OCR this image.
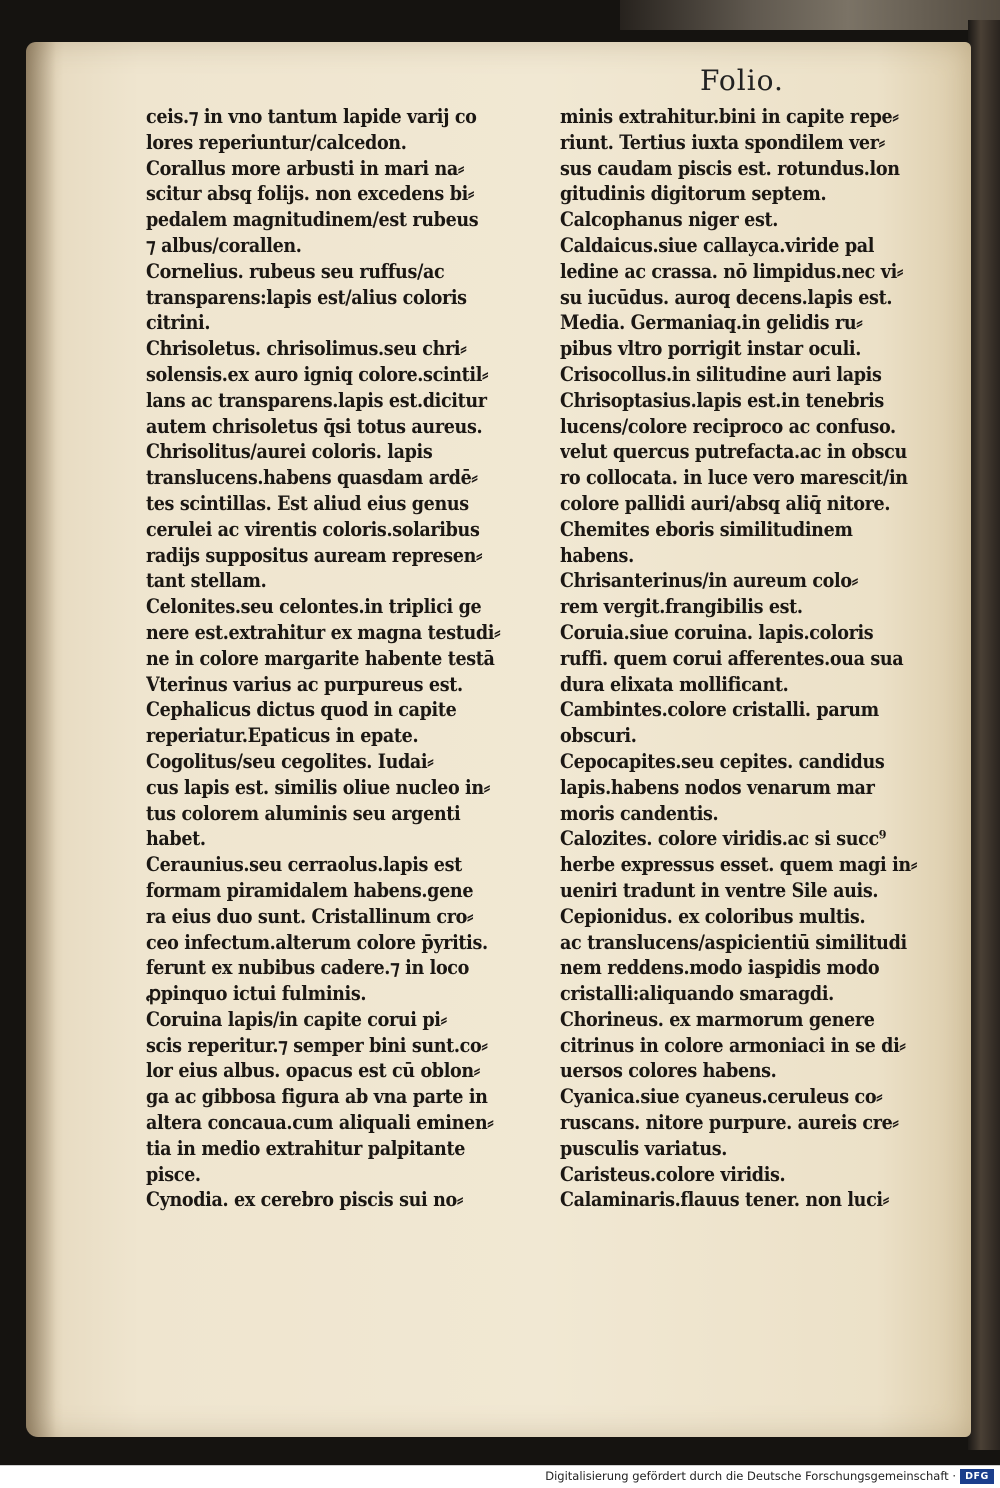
Folio.
ceis.⁊ in vno tantum lapide varij co
lores reperiuntur/calcedon.
Corallus more arbusti in mari na⸗
scitur absq̧ folijs. non excedens bi⸗
pedalem magnitudinem/est rubeus
⁊ albus/corallen.
Cornelius. rubeus seu ruffus/ac
transparens:lapis est/alius coloris
citrini.
Chrisoletus. chrisolimus.seu chri⸗
solensis.ex auro igniq̧ colore.scintil⸗
lans ac transparens.lapis est.dicitur
autem chrisoletus q̄si totus aureus.
Chrisolitus/aurei coloris. lapis
translucens.habens quasdam ardē⸗
tes scintillas. Est aliud eius genus
cerulei ac virentis coloris.solaribus
radijs suppositus auream represen⸗
tant stellam.
Celonites.seu celontes.in triplici ge
nere est.extrahitur ex magna testudi⸗
ne in colore margarite habente testā
Vterinus varius ac purpureus est.
Cephalicus dictus quod in capite
reperiatur.Epaticus in epate.
Cogolitus/seu cegolites. Iudai⸗
cus lapis est. similis oliue nucleo in⸗
tus colorem aluminis seu argenti
habet.
Ceraunius.seu cerraolus.lapis est
formam piramidalem habens.gene
ra eius duo sunt. Cristallinum cro⸗
ceo infectum.alterum colore p̄yritis.
ferunt ex nubibus cadere.⁊ in loco
ꝓpinquo ictui fulminis.
Coruina lapis/in capite corui pi⸗
scis reperitur.⁊ semper bini sunt.co⸗
lor eius albus. opacus est cū oblon⸗
ga ac gibbosa figura ab vna parte in
altera concaua.cum aliquali eminen⸗
tia in medio extrahitur palpitante
pisce.
Cynodia. ex cerebro piscis sui no⸗
minis extrahitur.bini in capite repe⸗
riunt. Tertius iuxta spondilem ver⸗
sus caudam piscis est. rotundus.lon
gitudinis digitorum septem.
Calcophanus niger est.
Caldaicus.siue callayca.viride pal
ledine ac crassa. nō limpidus.nec vi⸗
su iucūdus. auroq̧ decens.lapis est.
Media. Germaniaq̧.in gelidis ru⸗
pibus vltro porrigit instar oculi.
Crisocollus.in silitudine auri lapis
Chrisoptasius.lapis est.in tenebris
lucens/colore reciproco ac confuso.
velut quercus putrefacta.ac in obscu
ro collocata. in luce vero marescit/in
colore pallidi auri/absq̧ aliq̄ nitore.
Chemites eboris similitudinem
habens.
Chrisanterinus/in aureum colo⸗
rem vergit.frangibilis est.
Coruia.siue coruina. lapis.coloris
ruffi. quem corui afferentes.oua sua
dura elixata mollificant.
Cambintes.colore cristalli. parum
obscuri.
Cepocapites.seu cepites. candidus
lapis.habens nodos venarum mar
moris candentis.
Calozites. colore viridis.ac si succ⁹
herbe expressus esset. quem magi in⸗
ueniri tradunt in ventre Sile auis.
Cepionidus. ex coloribus multis.
ac translucens/aspicientiū similitudi
nem reddens.modo iaspidis modo
cristalli:aliquando smaragdi.
Chorineus. ex marmorum genere
citrinus in colore armoniaci in se di⸗
uersos colores habens.
Cyanica.siue cyaneus.ceruleus co⸗
ruscans. nitore purpure. aureis cre⸗
pusculis variatus.
Caristeus.colore viridis.
Calaminaris.flauus tener. non luci⸗
Digitalisierung gefördert durch die Deutsche Forschungsgemeinschaft · DFG
